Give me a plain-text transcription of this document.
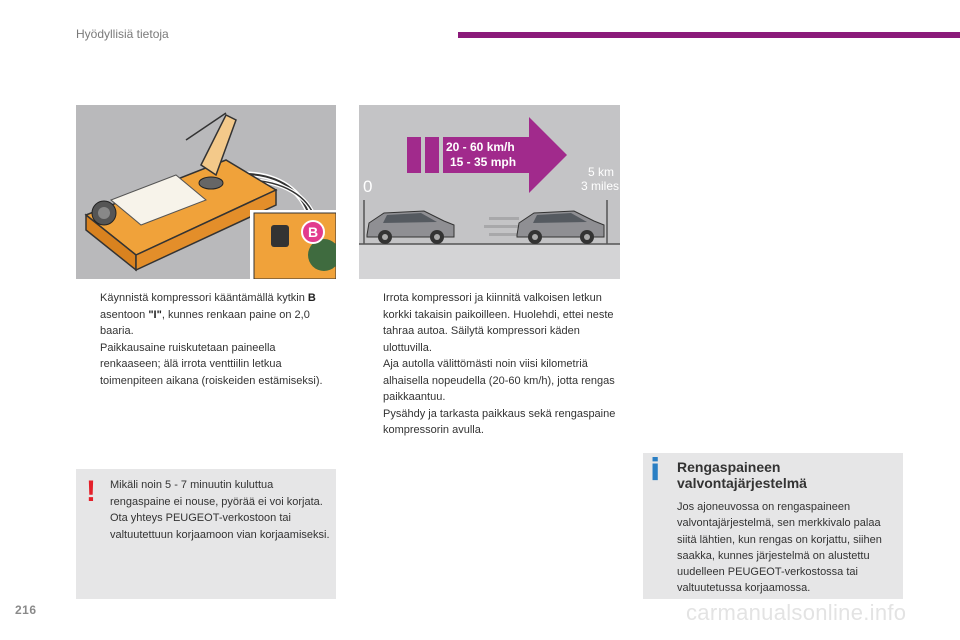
Hyödyllisiä tietoja
B
20 - 60 km/h
15 - 35 mph
0
5 km
3 miles

Käynnistä kompressori kääntämällä kytkin B asentoon "I", kunnes renkaan paine on 2,0 baaria.

Paikkausaine ruiskutetaan paineella renkaaseen; älä irrota venttiilin letkua toimenpiteen aikana (roiskeiden estämiseksi).

Irrota kompressori ja kiinnitä valkoisen letkun korkki takaisin paikoilleen. Huolehdi, ettei neste tahraa autoa. Säilytä kompressori käden ulottuvilla.

Aja autolla välittömästi noin viisi kilometriä alhaisella nopeudella (20-60 km/h), jotta rengas paikkaantuu.

Pysähdy ja tarkasta paikkaus sekä rengaspaine kompressorin avulla.

! Mikäli noin 5 - 7 minuutin kuluttua rengaspaine ei nouse, pyörää ei voi korjata. Ota yhteys PEUGEOT-verkostoon tai valtuutettuun korjaamoon vian korjaamiseksi.

i Rengaspaineen valvontajärjestelmä

Jos ajoneuvossa on rengaspaineen valvontajärjestelmä, sen merkkivalo palaa siitä lähtien, kun rengas on korjattu, siihen saakka, kunnes järjestelmä on alustettu uudelleen PEUGEOT-verkostossa tai valtuutetussa korjaamossa.

216	carmanualsonline.info
